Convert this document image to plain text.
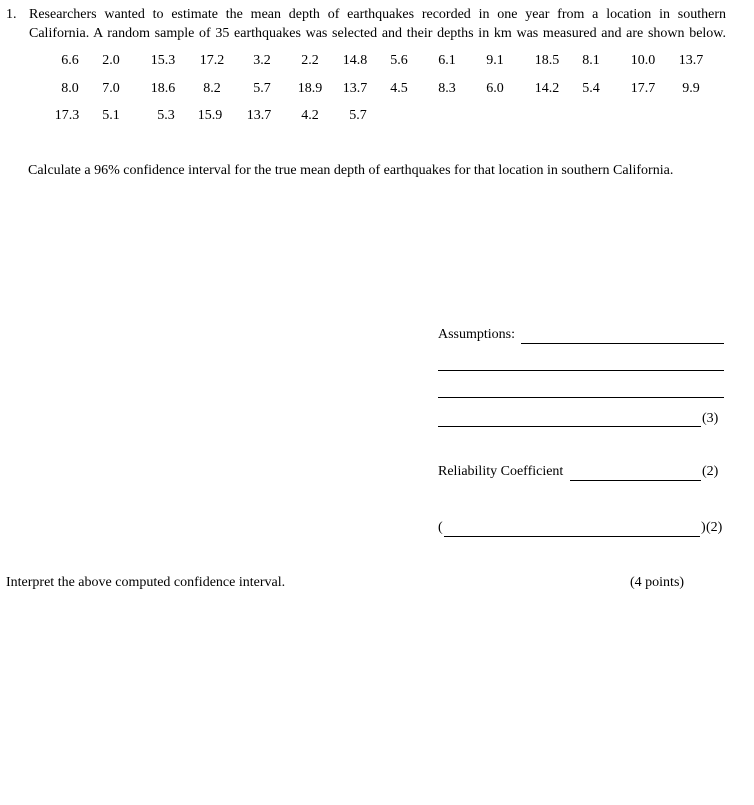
1. Researchers wanted to estimate the mean depth of earthquakes recorded in one year from a location in southern
California. A random sample of 35 earthquakes was selected and their depths in km was measured and are shown below.
6.6	2.0	15.3	17.2	3.2	2.2	14.8	5.6	6.1	9.1	18.5	8.1	10.0	13.7
8.0	7.0	18.6	8.2	5.7	18.9	13.7	4.5	8.3	6.0	14.2	5.4	17.7	9.9
17.3	5.1	5.3	15.9	13.7	4.2	5.7
Calculate a 96% confidence interval for the true mean depth of earthquakes for that location in southern California.
Assumptions:
(3)
Reliability Coefficient	(2)
(	) (2)
Interpret the above computed confidence interval.	(4 points)
